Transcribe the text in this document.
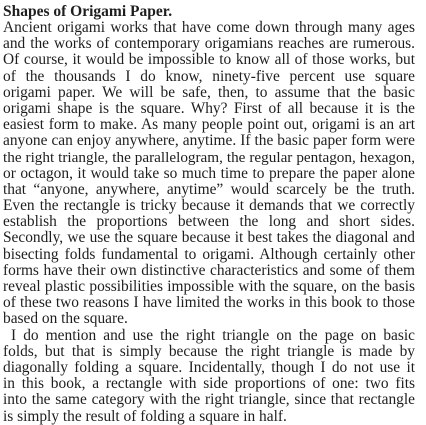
Shapes of Origami Paper.
Ancient origami works that have come down through many ages
and the works of contemporary origamians reaches are rumerous.
Of course, it would be impossible to know all of those works, but
of the thousands I do know, ninety-five percent use square
origami paper. We will be safe, then, to assume that the basic
origami shape is the square. Why? First of all because it is the
easiest form to make. As many people point out, origami is an art
anyone can enjoy anywhere, anytime. If the basic paper form were
the right triangle, the parallelogram, the regular pentagon, hexagon,
or octagon, it would take so much time to prepare the paper alone
that “anyone, anywhere, anytime” would scarcely be the truth.
Even the rectangle is tricky because it demands that we correctly
establish the proportions between the long and short sides.
Secondly, we use the square because it best takes the diagonal and
bisecting folds fundamental to origami. Although certainly other
forms have their own distinctive characteristics and some of them
reveal plastic possibilities impossible with the square, on the basis
of these two reasons I have limited the works in this book to those
based on the square.
I do mention and use the right triangle on the page on basic
folds, but that is simply because the right triangle is made by
diagonally folding a square. Incidentally, though I do not use it
in this book, a rectangle with side proportions of one: two fits
into the same category with the right triangle, since that rectangle
is simply the result of folding a square in half.
